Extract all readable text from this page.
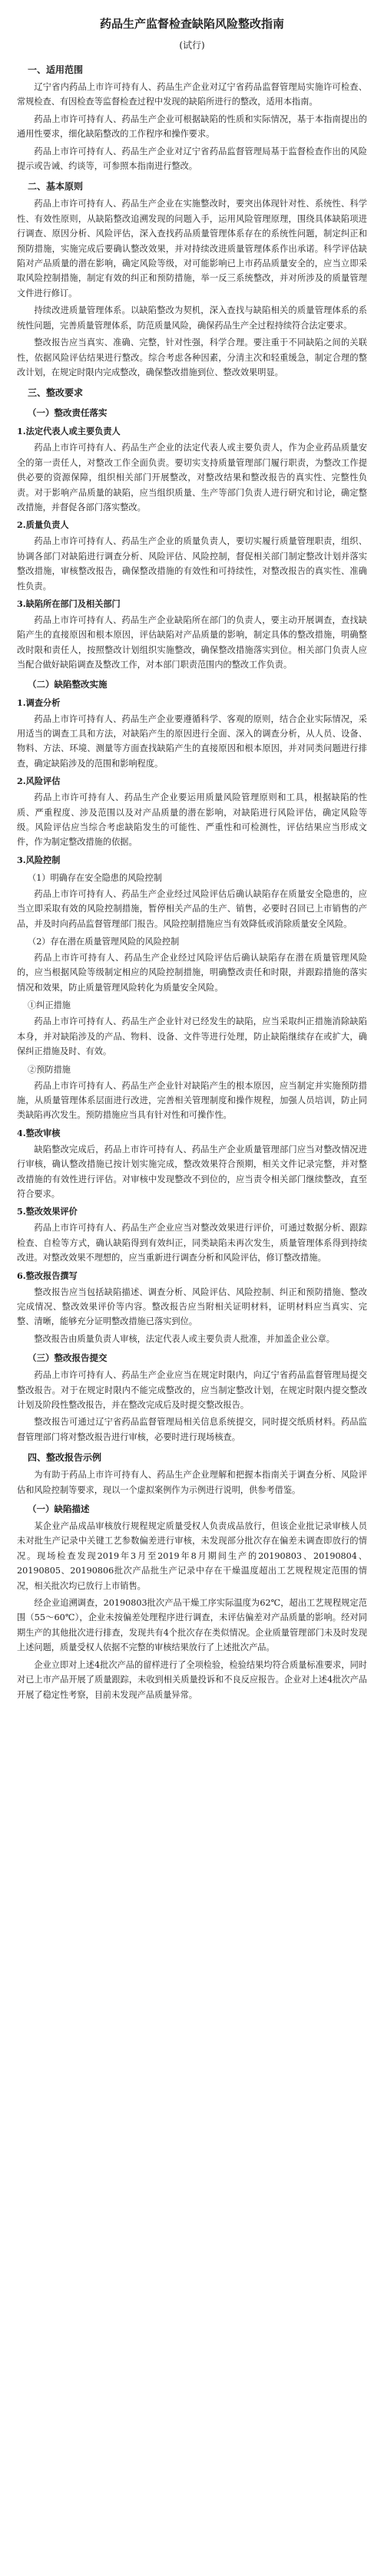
药品生产监督检查缺陷风险整改指南
(试行)
一、适用范围
辽宁省内药品上市许可持有人、药品生产企业对辽宁省药品监督管理局实施许可检查、常规检查、有因检查等监督检查过程中发现的缺陷所进行的整改，适用本指南。
药品上市许可持有人、药品生产企业可根据缺陷的性质和实际情况，基于本指南提出的通用性要求，细化缺陷整改的工作程序和操作要求。
药品上市许可持有人、药品生产企业对辽宁省药品监督管理局基于监督检查作出的风险提示或告诫、约谈等，可参照本指南进行整改。
二、基本原则
药品上市许可持有人、药品生产企业在实施整改时，要突出体现针对性、系统性、科学性、有效性原则，从缺陷整改追溯发现的问题入手，运用风险管理原理，围绕具体缺陷项进行调查、原因分析、风险评估，深入查找药品质量管理体系存在的系统性问题，制定纠正和预防措施，实施完成后要确认整改效果，并对持续改进质量管理体系作出承诺。科学评估缺陷对产品质量的潜在影响，确定风险等级，对可能影响已上市药品质量安全的，应当立即采取风险控制措施，制定有效的纠正和预防措施，举一反三系统整改，并对所涉及的质量管理文件进行修订。
持续改进质量管理体系。以缺陷整改为契机，深入查找与缺陷相关的质量管理体系的系统性问题，完善质量管理体系，防范质量风险，确保药品生产全过程持续符合法定要求。
整改报告应当真实、准确、完整，针对性强，科学合理。要注重于不同缺陷之间的关联性，依据风险评估结果进行整改。综合考虑各种因素，分清主次和轻重缓急，制定合理的整改计划，在规定时限内完成整改，确保整改措施到位、整改效果明显。
三、整改要求
（一）整改责任落实
1.法定代表人或主要负责人
药品上市许可持有人、药品生产企业的法定代表人或主要负责人，作为企业药品质量安全的第一责任人，对整改工作全面负责。要切实支持质量管理部门履行职责，为整改工作提供必要的资源保障，组织相关部门开展整改，对整改结果和整改报告的真实性、完整性负责。对于影响产品质量的缺陷，应当组织质量、生产等部门负责人进行研究和讨论，确定整改措施，并督促各部门落实整改。
2.质量负责人
药品上市许可持有人、药品生产企业的质量负责人，要切实履行质量管理职责，组织、协调各部门对缺陷进行调查分析、风险评估、风险控制，督促相关部门制定整改计划并落实整改措施，审核整改报告，确保整改措施的有效性和可持续性，对整改报告的真实性、准确性负责。
3.缺陷所在部门及相关部门
药品上市许可持有人、药品生产企业缺陷所在部门的负责人，要主动开展调查，查找缺陷产生的直接原因和根本原因，评估缺陷对产品质量的影响，制定具体的整改措施，明确整改时限和责任人，按照整改计划组织实施整改，确保整改措施落实到位。相关部门负责人应当配合做好缺陷调查及整改工作，对本部门职责范围内的整改工作负责。
（二）缺陷整改实施
1.调查分析
药品上市许可持有人、药品生产企业要遵循科学、客观的原则，结合企业实际情况，采用适当的调查工具和方法，对缺陷产生的原因进行全面、深入的调查分析，从人员、设备、物料、方法、环境、测量等方面查找缺陷产生的直接原因和根本原因，并对同类问题进行排查，确定缺陷涉及的范围和影响程度。
2.风险评估
药品上市许可持有人、药品生产企业要运用质量风险管理原则和工具，根据缺陷的性质、严重程度、涉及范围以及对产品质量的潜在影响，对缺陷进行风险评估，确定风险等级。风险评估应当综合考虑缺陷发生的可能性、严重性和可检测性，评估结果应当形成文件，作为制定整改措施的依据。
3.风险控制
（1）明确存在安全隐患的风险控制
药品上市许可持有人、药品生产企业经过风险评估后确认缺陷存在质量安全隐患的，应当立即采取有效的风险控制措施，暂停相关产品的生产、销售，必要时召回已上市销售的产品，并及时向药品监督管理部门报告。风险控制措施应当有效降低或消除质量安全风险。
（2）存在潜在质量管理风险的风险控制
药品上市许可持有人、药品生产企业经过风险评估后确认缺陷存在潜在质量管理风险的，应当根据风险等级制定相应的风险控制措施，明确整改责任和时限，并跟踪措施的落实情况和效果，防止质量管理风险转化为质量安全风险。
①纠正措施
药品上市许可持有人、药品生产企业针对已经发生的缺陷，应当采取纠正措施消除缺陷本身，并对缺陷涉及的产品、物料、设备、文件等进行处理，防止缺陷继续存在或扩大，确保纠正措施及时、有效。
②预防措施
药品上市许可持有人、药品生产企业针对缺陷产生的根本原因，应当制定并实施预防措施，从质量管理体系层面进行改进，完善相关管理制度和操作规程，加强人员培训，防止同类缺陷再次发生。预防措施应当具有针对性和可操作性。
4.整改审核
缺陷整改完成后，药品上市许可持有人、药品生产企业质量管理部门应当对整改情况进行审核，确认整改措施已按计划实施完成，整改效果符合预期，相关文件记录完整，并对整改措施的有效性进行评估。对审核中发现整改不到位的，应当责令相关部门继续整改，直至符合要求。
5.整改效果评价
药品上市许可持有人、药品生产企业应当对整改效果进行评价，可通过数据分析、跟踪检查、自检等方式，确认缺陷得到有效纠正，同类缺陷未再次发生，质量管理体系得到持续改进。对整改效果不理想的，应当重新进行调查分析和风险评估，修订整改措施。
6.整改报告撰写
整改报告应当包括缺陷描述、调查分析、风险评估、风险控制、纠正和预防措施、整改完成情况、整改效果评价等内容。整改报告应当附相关证明材料，证明材料应当真实、完整、清晰，能够充分证明整改措施已落实到位。
整改报告由质量负责人审核，法定代表人或主要负责人批准，并加盖企业公章。
（三）整改报告提交
药品上市许可持有人、药品生产企业应当在规定时限内，向辽宁省药品监督管理局提交整改报告。对于在规定时限内不能完成整改的，应当制定整改计划，在规定时限内提交整改计划及阶段性整改报告，并在整改完成后及时提交整改报告。
整改报告可通过辽宁省药品监督管理局相关信息系统提交，同时提交纸质材料。药品监督管理部门将对整改报告进行审核，必要时进行现场核查。
四、整改报告示例
为有助于药品上市许可持有人、药品生产企业理解和把握本指南关于调查分析、风险评估和风险控制等要求，现以一个虚拟案例作为示例进行说明，供参考借鉴。
（一）缺陷描述
某企业产品成品审核放行规程规定质量受权人负责成品放行，但该企业批记录审核人员未对批生产记录中关键工艺参数偏差进行审核，未发现部分批次存在偏差未调查即放行的情况。现场检查发现2019年3月至2019年8月期间生产的20190803、20190804、20190805、20190806批次产品批生产记录中存在干燥温度超出工艺规程规定范围的情况，相关批次均已放行上市销售。
经企业追溯调查，20190803批次产品干燥工序实际温度为62℃，超出工艺规程规定范围（55～60℃），企业未按偏差处理程序进行调查，未评估偏差对产品质量的影响。经对同期生产的其他批次进行排查，发现共有4个批次存在类似情况。企业质量管理部门未及时发现上述问题，质量受权人依据不完整的审核结果放行了上述批次产品。
企业立即对上述4批次产品的留样进行了全项检验，检验结果均符合质量标准要求，同时对已上市产品开展了质量跟踪，未收到相关质量投诉和不良反应报告。企业对上述4批次产品开展了稳定性考察，目前未发现产品质量异常。
